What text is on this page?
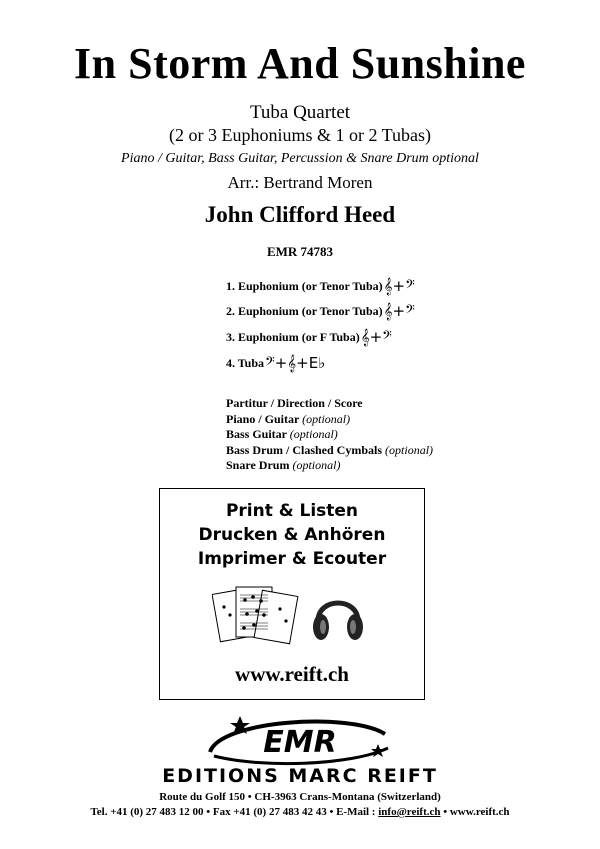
In Storm And Sunshine
Tuba Quartet
(2 or 3 Euphoniums & 1 or 2 Tubas)
Piano / Guitar, Bass Guitar, Percussion & Snare Drum optional
Arr.: Bertrand Moren
John Clifford Heed
EMR 74783
1. Euphonium (or Tenor Tuba) 𝄞+𝄢
2. Euphonium (or Tenor Tuba) 𝄞+𝄢
3. Euphonium (or F Tuba) 𝄞+𝄢
4. Tuba 𝄢+𝄞+E♭
Partitur / Direction / Score
Piano / Guitar (optional)
Bass Guitar (optional)
Bass Drum / Clashed Cymbals (optional)
Snare Drum (optional)
Print & Listen
Drucken & Anhören
Imprimer & Ecouter
www.reift.ch
EMR
EDITIONS MARC REIFT
Route du Golf 150 • CH-3963 Crans-Montana (Switzerland)
Tel. +41 (0) 27 483 12 00 • Fax +41 (0) 27 483 42 43 • E-Mail : info@reift.ch • www.reift.ch
